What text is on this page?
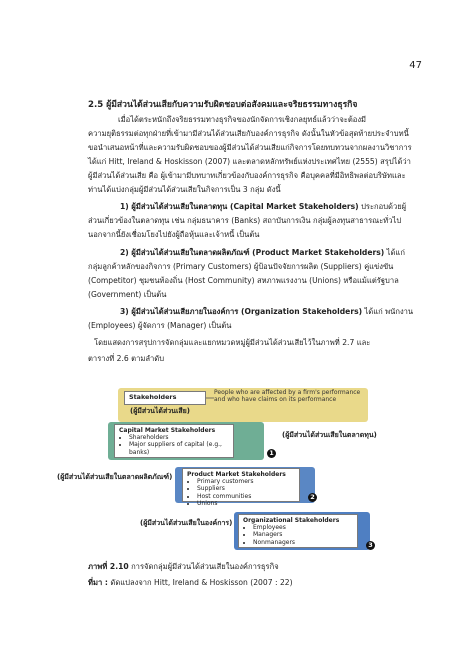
47
2.5 ผู้มีส่วนได้ส่วนเสียกับความรับผิดชอบต่อสังคมและจริยธรรมทางธุรกิจ
เมื่อได้ตระหนักถึงจริยธรรมทางธุรกิจของนักจัดการเชิงกลยุทธ์แล้วว่าจะต้องมี
ความยุติธรรมต่อทุกฝ่ายที่เข้ามามีส่วนได้ส่วนเสียกับองค์การธุรกิจ ดังนั้นในหัวข้อสุดท้ายประจำบทนี้
ขอนำเสนอหน้าที่และความรับผิดชอบของผู้มีส่วนได้ส่วนเสียแก่กิจการโดยทบทวนจากผลงานวิชาการ
ได้แก่ Hitt, Ireland & Hoskisson (2007) และตลาดหลักทรัพย์แห่งประเทศไทย (2555) สรุปได้ว่า
ผู้มีส่วนได้ส่วนเสีย คือ ผู้เข้ามามีบทบาทเกี่ยวข้องกับองค์การธุรกิจ คือบุคคลที่มีอิทธิพลต่อบริษัทและ
ท่านได้แบ่งกลุ่มผู้มีส่วนได้ส่วนเสียในกิจการเป็น 3 กลุ่ม ดังนี้
1) ผู้มีส่วนได้ส่วนเสียในตลาดทุน (Capital Market Stakeholders) ประกอบด้วยผู้
ส่วนเกี่ยวข้องในตลาดทุน เช่น กลุ่มธนาคาร (Banks) สถาบันการเงิน กลุ่มผู้ลงทุนสาธารณะทั่วไป
นอกจากนี้ยังเชื่อมโยงไปยังผู้ถือหุ้นและเจ้าหนี้ เป็นต้น
2) ผู้มีส่วนได้ส่วนเสียในตลาดผลิตภัณฑ์ (Product Market Stakeholders) ได้แก่
กลุ่มลูกค้าหลักของกิจการ (Primary Customers) ผู้ป้อนปัจจัยการผลิต (Suppliers) คู่แข่งขัน
(Competitor) ชุมชนท้องถิ่น (Host Community) สหภาพแรงงาน (Unions) หรือแม้แต่รัฐบาล
(Government) เป็นต้น
3) ผู้มีส่วนได้ส่วนเสียภายในองค์การ (Organization Stakeholders) ได้แก่ พนักงาน
(Employees) ผู้จัดการ (Manager) เป็นต้น
โดยแสดงการสรุปการจัดกลุ่มและแยกหมวดหมู่ผู้มีส่วนได้ส่วนเสียไว้ในภาพที่ 2.7 และ
ตารางที่ 2.6 ตามลำดับ
Stakeholders
(ผู้มีส่วนได้ส่วนเสีย)
People who are affected by a firm's performance and who have claims on its performance
Capital Market Stakeholders
• Shareholders
• Major suppliers of capital (e.g., banks)	1
(ผู้มีส่วนได้ส่วนเสียในตลาดทุน)
Product Market Stakeholders
• Primary customers
• Suppliers
• Host communities
• Unions
2
(ผู้มีส่วนได้ส่วนเสียในตลาดผลิตภัณฑ์)
Organizational Stakeholders
• Employees
• Managers
• Nonmanagers	3
(ผู้มีส่วนได้ส่วนเสียในองค์การ)
ภาพที่ 2.10 การจัดกลุ่มผู้มีส่วนได้ส่วนเสียในองค์การธุรกิจ
ที่มา : ดัดแปลงจาก Hitt, Ireland & Hoskisson (2007 : 22)
